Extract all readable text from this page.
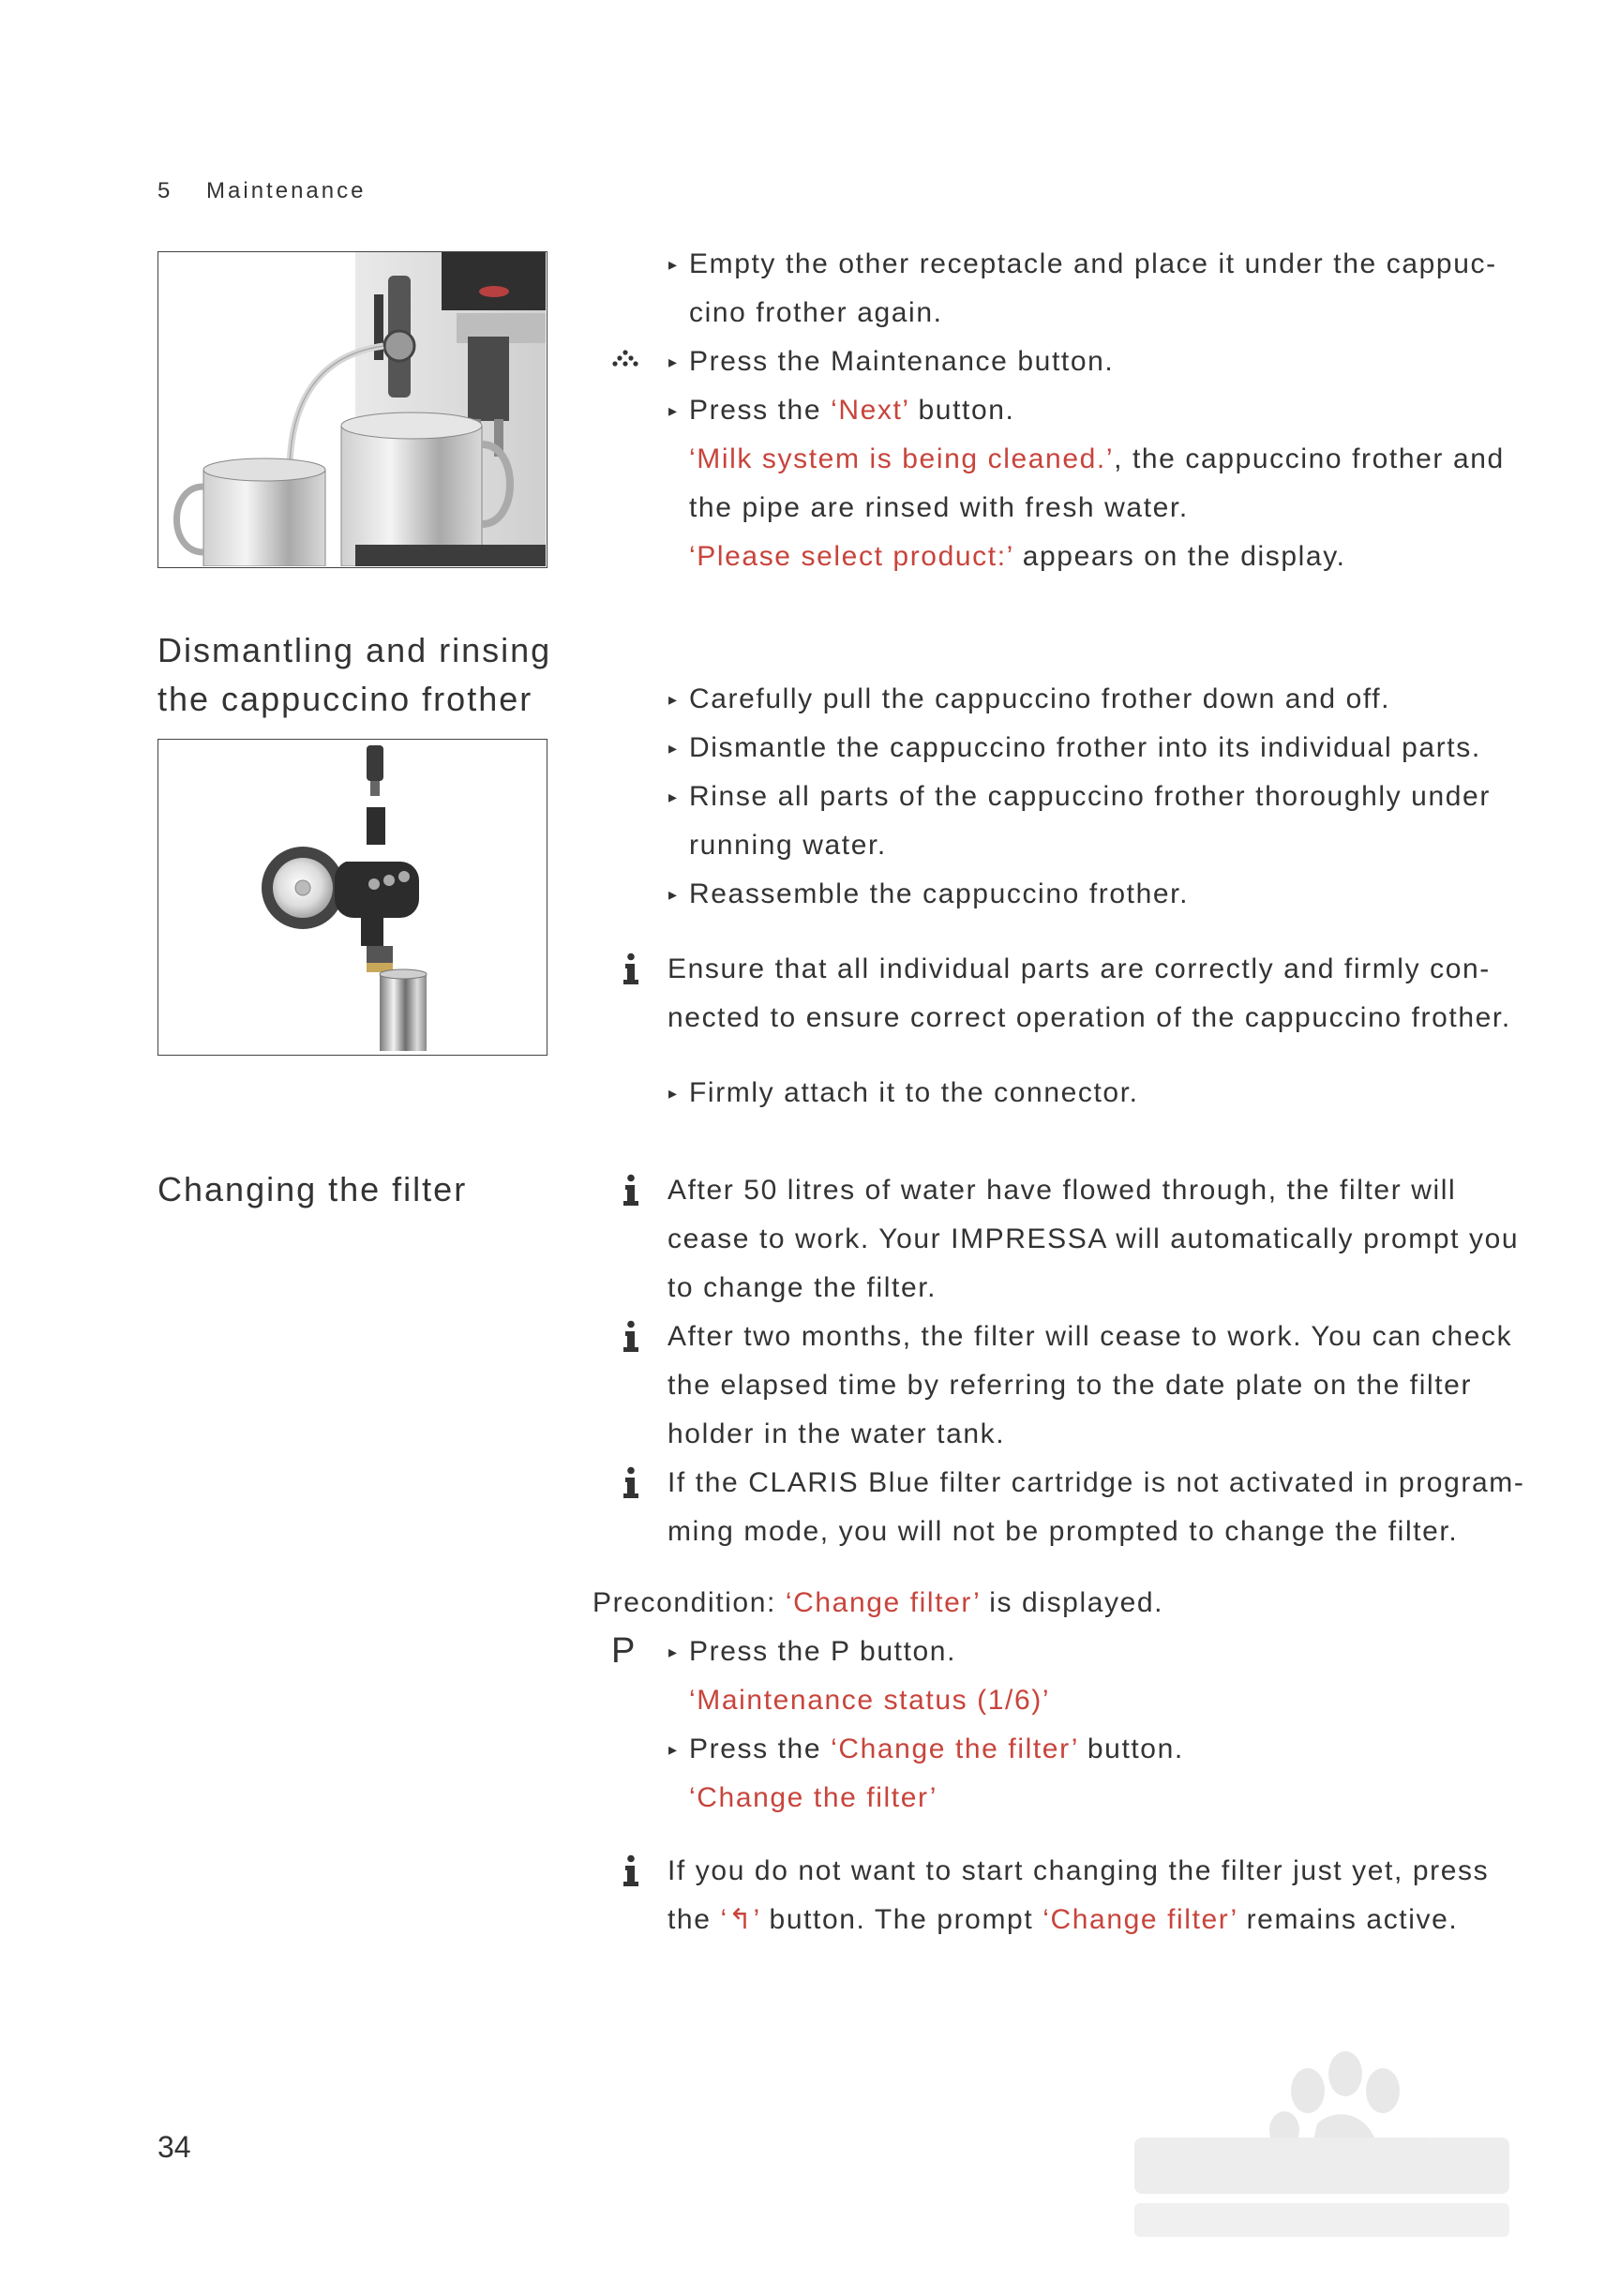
5 Maintenance
▸ Empty the other receptacle and place it under the cappuc-
cino frother again.
▸ Press the Maintenance button.
▸ Press the ‘Next’ button.
‘Milk system is being cleaned.’, the cappuccino frother and
the pipe are rinsed with fresh water.
‘Please select product:’ appears on the display.
Dismantling and rinsing
the cappuccino frother	▸ Carefully pull the cappuccino frother down and off.
▸ Dismantle the cappuccino frother into its individual parts.
▸ Rinse all parts of the cappuccino frother thoroughly under
running water.
▸ Reassemble the cappuccino frother.
Ensure that all individual parts are correctly and firmly con-
nected to ensure correct operation of the cappuccino frother.
▸ Firmly attach it to the connector.
Changing the filter	After 50 litres of water have flowed through, the filter will
cease to work. Your IMPRESSA will automatically prompt you
to change the filter.
After two months, the filter will cease to work. You can check
the elapsed time by referring to the date plate on the filter
holder in the water tank.
If the CLARIS Blue filter cartridge is not activated in program-
ming mode, you will not be prompted to change the filter.
Precondition: ‘Change filter’ is displayed.
▸ Press the P button.
‘Maintenance status (1/6)’
▸ Press the ‘Change the filter’ button.
‘Change the filter’
If you do not want to start changing the filter just yet, press
the ‘↰’ button. The prompt ‘Change filter’ remains active.
P
34
